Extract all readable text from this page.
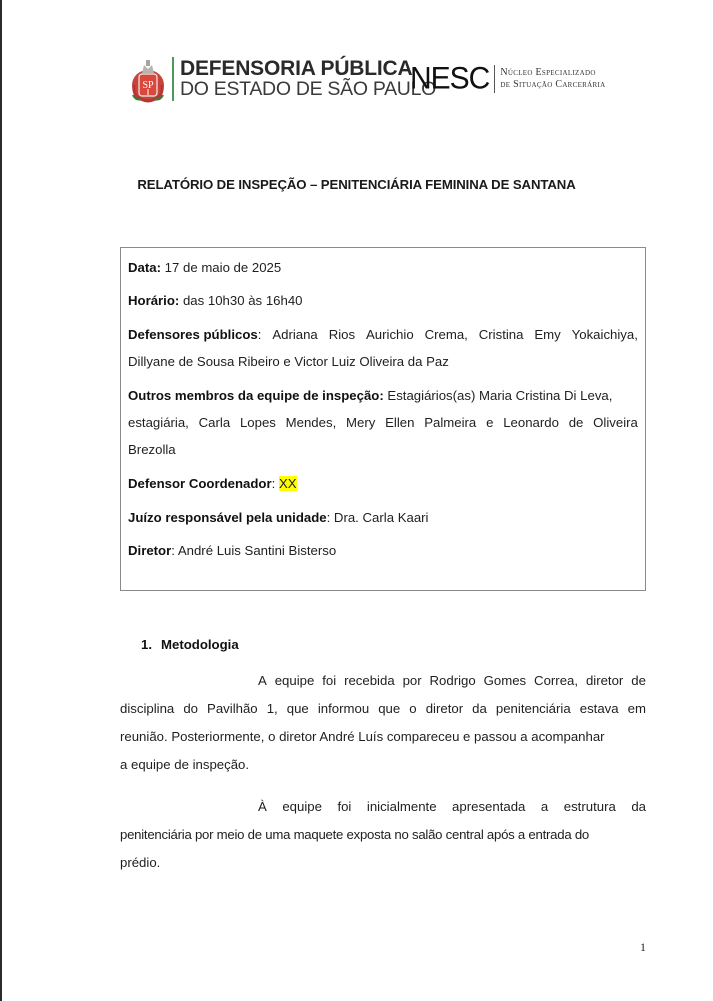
SP
DEFENSORIA PÚBLICA
DO ESTADO DE SÃO PAULO
NESC Núcleo Especializado
de Situação Carcerária
RELATÓRIO DE INSPEÇÃO – PENITENCIÁRIA FEMININA DE SANTANA
Data: 17 de maio de 2025
Horário: das 10h30 às 16h40
Defensores públicos: Adriana Rios Aurichio Crema, Cristina Emy Yokaichiya,
Dillyane de Sousa Ribeiro e Victor Luiz Oliveira da Paz
Outros membros da equipe de inspeção: Estagiários(as) Maria Cristina Di Leva,
estagiária, Carla Lopes Mendes, Mery Ellen Palmeira e Leonardo de Oliveira
Brezolla
Defensor Coordenador: XX
Juízo responsável pela unidade: Dra. Carla Kaari
Diretor: André Luis Santini Bisterso
1. Metodologia
A equipe foi recebida por Rodrigo Gomes Correa, diretor de
disciplina do Pavilhão 1, que informou que o diretor da penitenciária estava em
reunião. Posteriormente, o diretor André Luís compareceu e passou a acompanhar
a equipe de inspeção.
À equipe foi inicialmente apresentada a estrutura da
penitenciária por meio de uma maquete exposta no salão central após a entrada do
prédio.
1
